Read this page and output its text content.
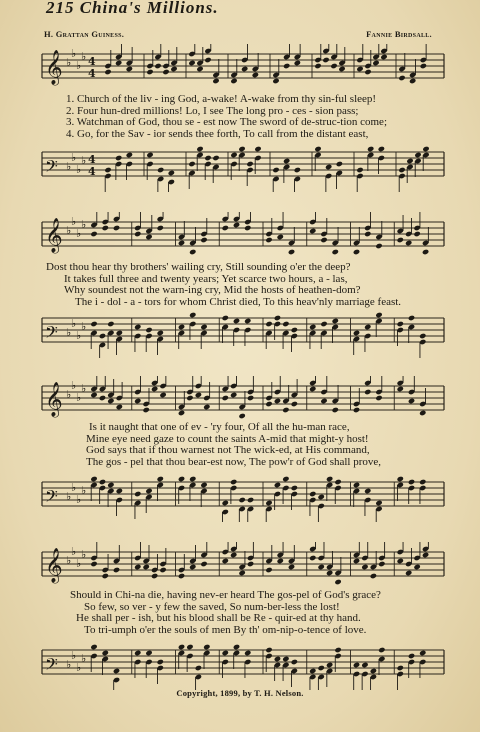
215 China's Millions.
H. Grattan Guiness.	Fannie Birdsall.
𝄞 ♭
♭
♭
♭ 4
4
1. Church of the liv - ing God, a-wake! A-wake from thy sin-ful sleep!
2. Four hun-dred millions! Lo, I see The long pro - ces - sion pass;
3. Watchman of God, thou se - est now The sword of de-struc-tion come;
4. Go, for the Sav - ior sends thee forth, To call from the distant east,
𝄢 ♭
♭
♭
♭ 4
4
𝄞 ♭
♭
♭
♭
Dost thou hear thy brothers' wailing cry, Still sounding o'er the deep?
It takes full three and twenty years; Yet scarce two hours, a - las,
Why soundest not the warn-ing cry, Mid the hosts of heathen-dom?
The i - dol - a - tors for whom Christ died, To this heav'nly marriage feast.
𝄢 ♭
♭
♭
♭
𝄞 ♭
♭
♭
♭
Is it naught that one of ev - 'ry four, Of all the hu-man race,
Mine eye need gaze to count the saints A-mid that might-y host!
God says that if thou warnest not The wick-ed, at His command,
The gos - pel that thou bear-est now, The pow'r of God shall prove,
𝄢 ♭
♭
♭
♭
𝄞 ♭
♭
♭
♭
Should in Chi-na die, having nev-er heard The gos-pel of God's grace?
So few, so ver - y few the saved, So num-ber-less the lost!
He shall per - ish, but his blood shall be Re - quir-ed at thy hand.
To tri-umph o'er the souls of men By th' om-nip-o-tence of love.
𝄢 ♭
♭
♭
♭
Copyright, 1899, by T. H. Nelson.
